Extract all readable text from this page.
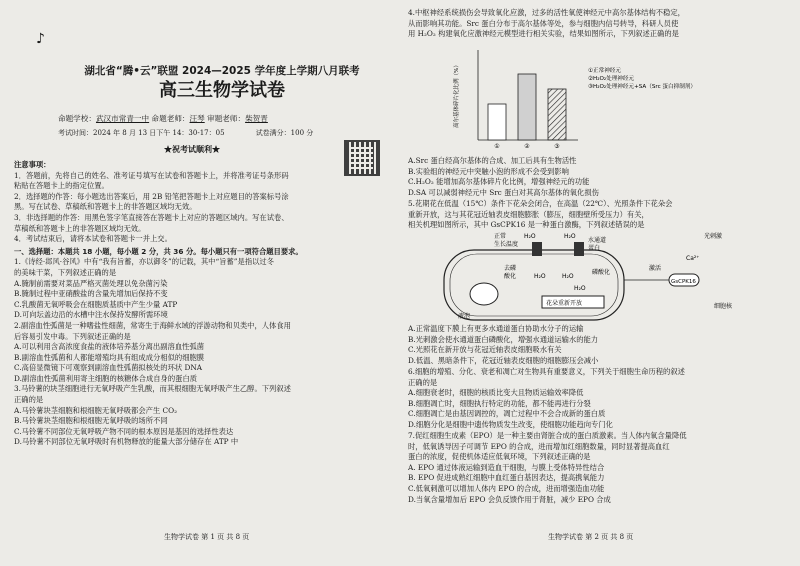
♪
湖北省“腾•云”联盟 2024—2025 学年度上学期八月联考
高三生物学试卷
命题学校：武汉市常青一中 命题老师：汪琴 审题老师：柴贺晋
考试时间：2024 年 8 月 13 日下午 14：30-17：05	试卷满分：100 分
★祝考试顺利★
注意事项：
1．答题前，先将自己的姓名、准考证号填写在试卷和答题卡上，并将准考证号条形码
粘贴在答题卡上的指定位置。
2．选择题的作答：每小题选出答案后，用 2B 铅笔把答题卡上对应题目的答案标号涂
黑。写在试卷、草稿纸和答题卡上的非答题区域均无效。
3．非选择题的作答：用黑色签字笔直接答在答题卡上对应的答题区域内。写在试卷、
草稿纸和答题卡上的非答题区域均无效。
4．考试结束后，请将本试卷和答题卡一并上交。
一、选择题：本题共 18 小题，每小题 2 分，共 36 分。每小题只有一项符合题目要求。
1.《诗经·邶风·谷风》中有“我有旨蓄，亦以御冬”的记载，其中“旨蓄”是指以过冬
的美味干菜，下列叙述正确的是
A.腌制前需要对菜品严格灭菌处理以免杂菌污染
B.腌制过程中亚硝酸盐的含量先增加后保持不变
C.乳酸菌无氧呼吸会在细胞质基质中产生少量 ATP
D.可向坛盖边沿的水槽中注水保持发酵所需环境
2.副溶血性弧菌是一种嗜盐性细菌，常寄生于海鲜水域的浮游动物和贝类中，人体食用
后容易引发中毒。下列叙述正确的是
A.可以利用含高浓度食盐的液体培养基分离出副溶血性弧菌
B.副溶血性弧菌和人都能增殖均具有组成成分相似的细胞膜
C.高倍显微镜下可观察到副溶血性弧菌拟核处的环状 DNA
D.副溶血性弧菌利用寄主细胞的核糖体合成自身的蛋白质
3.马铃薯的块茎细胞进行无氧呼吸产生乳酸，而其根细胞无氧呼吸产生乙醇。下列叙述
正确的是
A.马铃薯块茎细胞和根细胞无氧呼吸都会产生 CO₂
B.马铃薯块茎细胞和根细胞无氧呼吸的场所不同
C.马铃薯不同部位无氧呼吸产物不同的根本原因是基因的选择性表达
D.马铃薯不同部位无氧呼吸时有机物释放的能量大部分储存在 ATP 中
生物学试卷 第 1 页 共 8 页
4.中枢神经系统损伤会导致氧化应激，过多的活性氧使神经元中高尔基体结构不稳定，
从而影响其功能。Src 蛋白分布于高尔基体等处，参与细胞内信号转导，科研人员使
用 H₂O₂ 构建氧化应激神经元模型进行相关实验，结果如图所示，下列叙述正确的是
高尔基体碎片化比例（%）
①	②	③
①正常神经元
②H₂O₂处理神经元
③H₂O₂处理神经元+SA（Src 蛋白抑制剂）
A.Src 蛋白经高尔基体的合成、加工后具有生物活性
B.实验组的神经元中突触小泡的形成不会受到影响
C.H₂O₂ 能增加高尔基体碎片化比例，增强神经元的功能
D.SA 可以减弱神经元中 Src 蛋白对其高尔基体的氧化损伤
5.花期花在低温（15℃）条件下花朵会闭合，在高温（22℃）、光照条件下花朵会
重新开放，这与其花冠近轴表皮细胞膨胀（膨压，细胞壁所受压力）有关，
相关机理如图所示，其中 GsCPK16 是一种蛋白激酶，下列叙述错误的是
正常
生长温度
H₂O	H₂O
水通道
蛋白
光刺激
Ca²⁺
去磷
酸化
磷酸化
H₂O	H₂O
H₂O
激活
GsCPK16
细胞核
花朵重新开放
液泡
A.正常温度下膜上有更多水通道蛋白协助水分子的运输
B.光刺激会使水通道蛋白磷酸化，增强水通道运输水的能力
C.光照花在新开放与花冠近轴表皮细胞吸水有关
D.低温、黑暗条件下，花冠近轴表皮细胞的细胞膨压会减小
6.细胞的增殖、分化、衰老和凋亡对生物具有重要意义，下列关于细胞生命历程的叙述
正确的是
A.细胞衰老时，细胞的核质比变大且物质运输效率降低
B.细胞凋亡时，细胞执行特定的功能，都不能再进行分裂
C.细胞凋亡是由基因调控的，凋亡过程中不会合成新的蛋白质
D.细胞分化是细胞中遗传物质发生改变，使细胞功能趋向专门化
7.促红细胞生成素（EPO）是一种主要由肾脏合成的蛋白质激素。当人体内氧含量降低
时，低氧诱导因子可调节 EPO 的合成，进而增加红细胞数量，同时显著提高血红
蛋白的浓度，促使机体适应低氧环境，下列叙述正确的是
A. EPO 通过体液运输到造血干细胞，与膜上受体特异性结合
B. EPO 促进成熟红细胞中血红蛋白基因表达，提高携氧能力
C.低氧刺激可以增加人体内 EPO 的合成，进而增强造血功能
D.当氧含量增加后 EPO 会负反馈作用于肾脏，减少 EPO 合成
生物学试卷 第 2 页 共 8 页
